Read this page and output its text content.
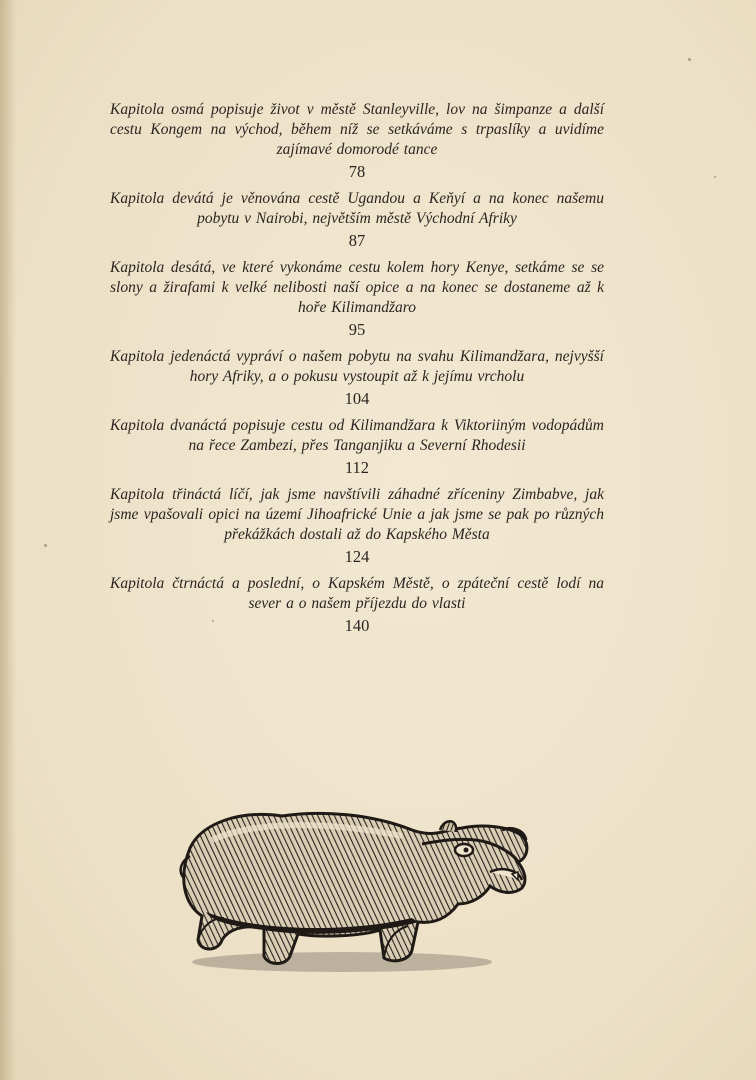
Kapitola osmá popisuje život v městě Stanleyville, lov na šimpanze a další cestu Kongem na východ, během níž se setkáváme s trpaslíky a uvidíme zajímavé domorodé tance
78
Kapitola devátá je věnována cestě Ugandou a Keňyí a na konec našemu pobytu v Nairobi, největším městě Východní Afriky
87
Kapitola desátá, ve které vykonáme cestu kolem hory Kenye, setkáme se se slony a žirafami k velké nelibosti naší opice a na konec se dostaneme až k hoře Kilimandžaro
95
Kapitola jedenáctá vypráví o našem pobytu na svahu Kilimandžara, nejvyšší hory Afriky, a o pokusu vystoupit až k jejímu vrcholu
104
Kapitola dvanáctá popisuje cestu od Kilimandžara k Viktoriiným vodopádům na řece Zambezi, přes Tanganjiku a Severní Rhodesii
112
Kapitola třináctá líčí, jak jsme navštívili záhadné zříceniny Zimbabve, jak jsme vpašovali opici na území Jihoafrické Unie a jak jsme se pak po různých překážkách dostali až do Kapského Města
124
Kapitola čtrnáctá a poslední, o Kapském Městě, o zpáteční cestě lodí na sever a o našem příjezdu do vlasti
140
